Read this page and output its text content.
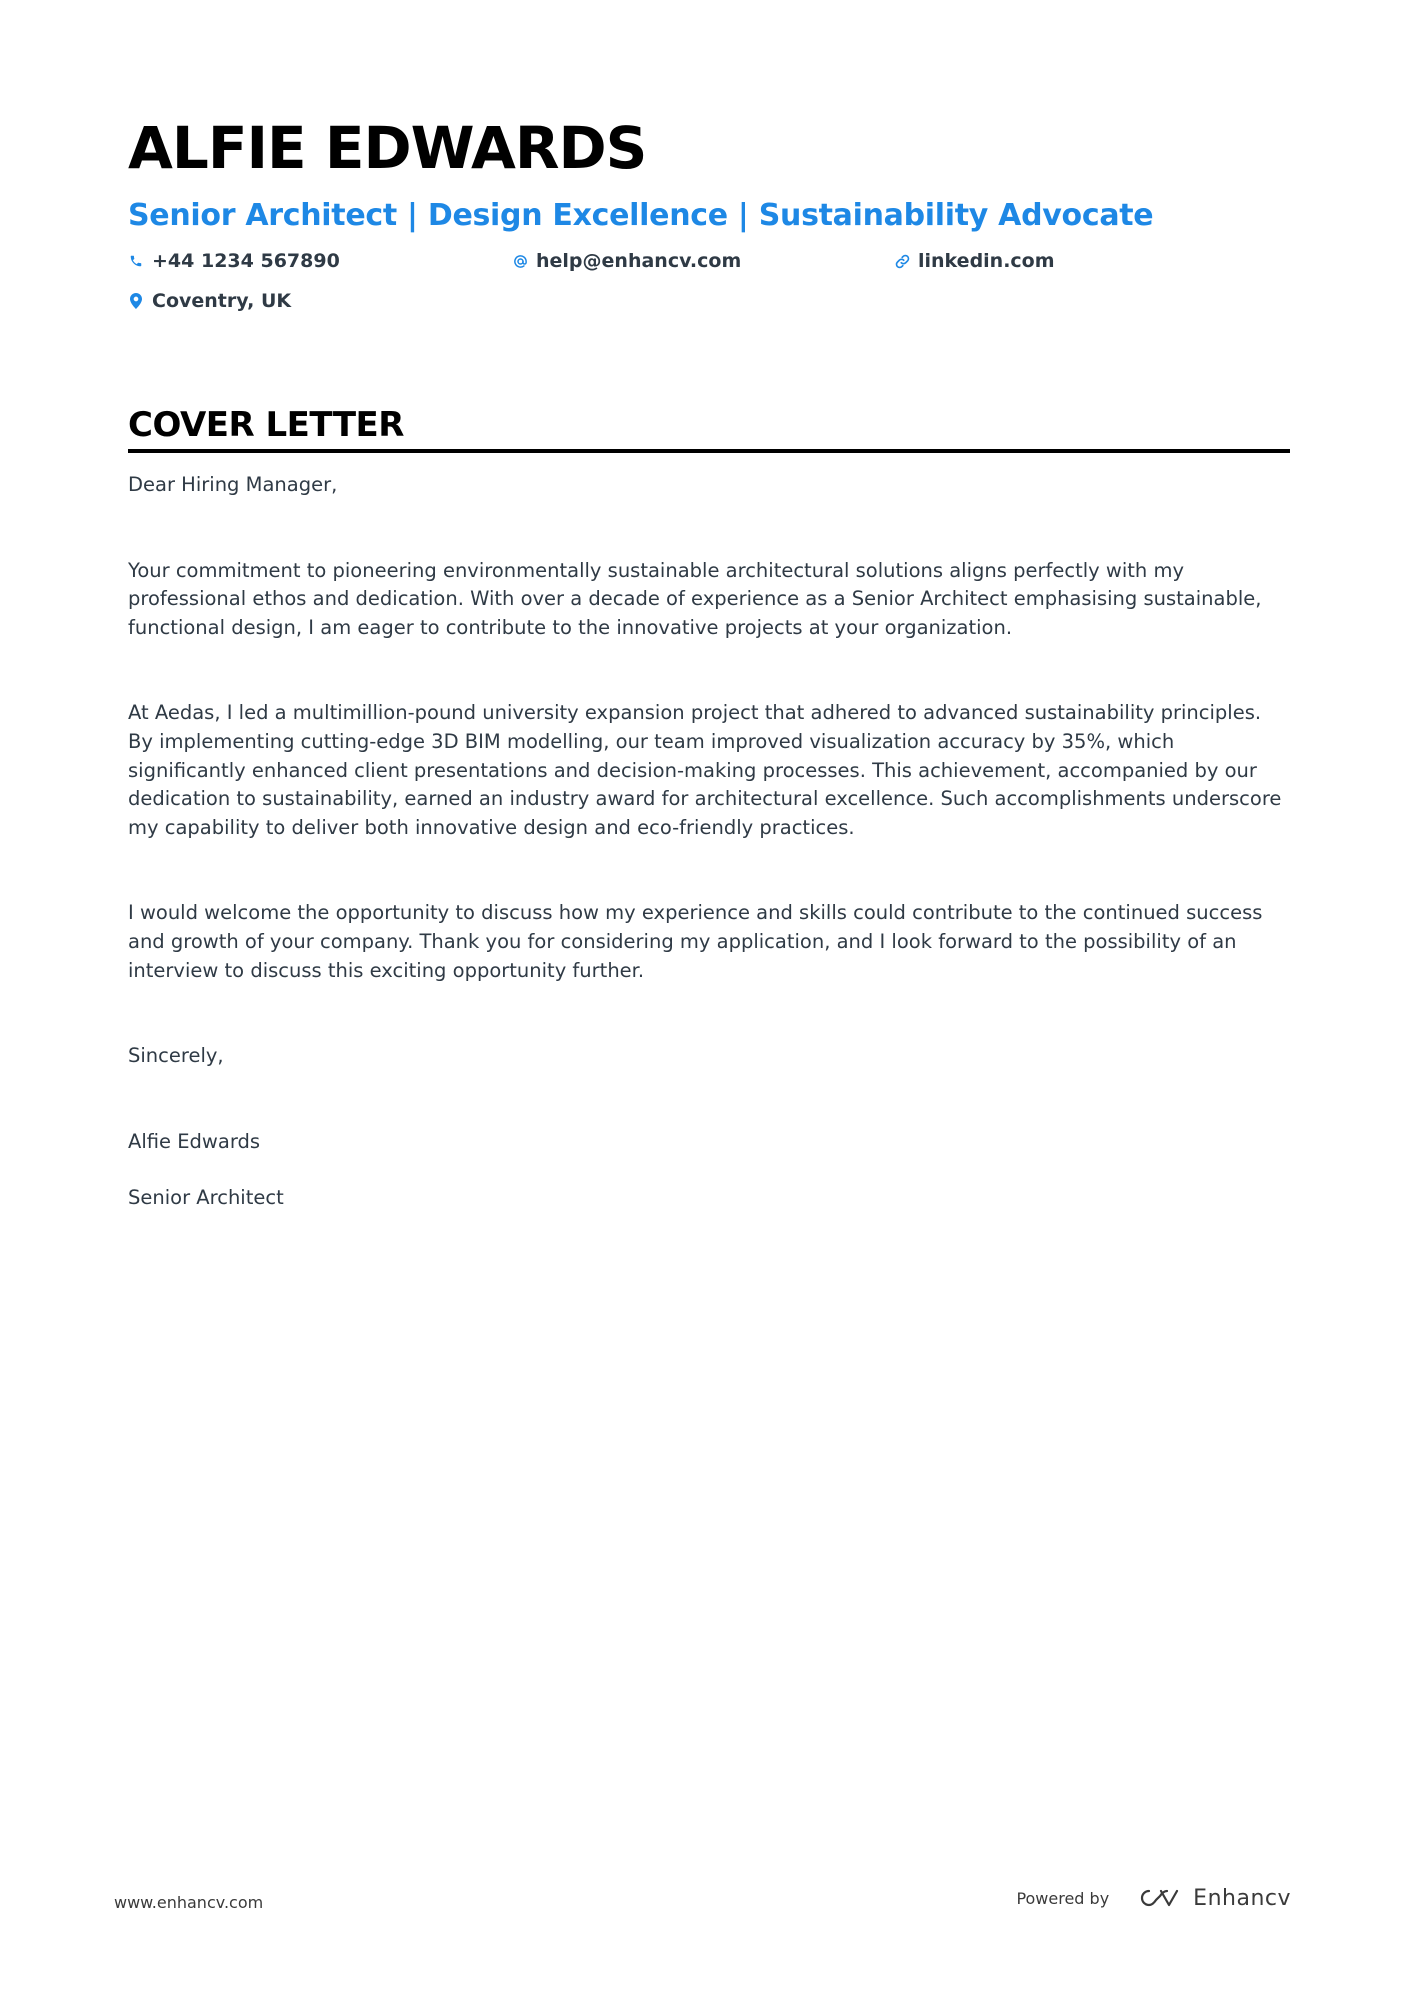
ALFIE EDWARDS
Senior Architect | Design Excellence | Sustainability Advocate
+44 1234 567890	help@enhancv.com	linkedin.com
Coventry, UK
COVER LETTER

Dear Hiring Manager,

Your commitment to pioneering environmentally sustainable architectural solutions aligns perfectly with my professional ethos and dedication. With over a decade of experience as a Senior Architect emphasising sustainable, functional design, I am eager to contribute to the innovative projects at your organization.

At Aedas, I led a multimillion-pound university expansion project that adhered to advanced sustainability principles. By implementing cutting-edge 3D BIM modelling, our team improved visualization accuracy by 35%, which significantly enhanced client presentations and decision-making processes. This achievement, accompanied by our dedication to sustainability, earned an industry award for architectural excellence. Such accomplishments underscore my capability to deliver both innovative design and eco-friendly practices.

I would welcome the opportunity to discuss how my experience and skills could contribute to the continued success and growth of your company. Thank you for considering my application, and I look forward to the possibility of an interview to discuss this exciting opportunity further.

Sincerely,

Alfie Edwards

Senior Architect

www.enhancv.com	Powered by	Enhancv
